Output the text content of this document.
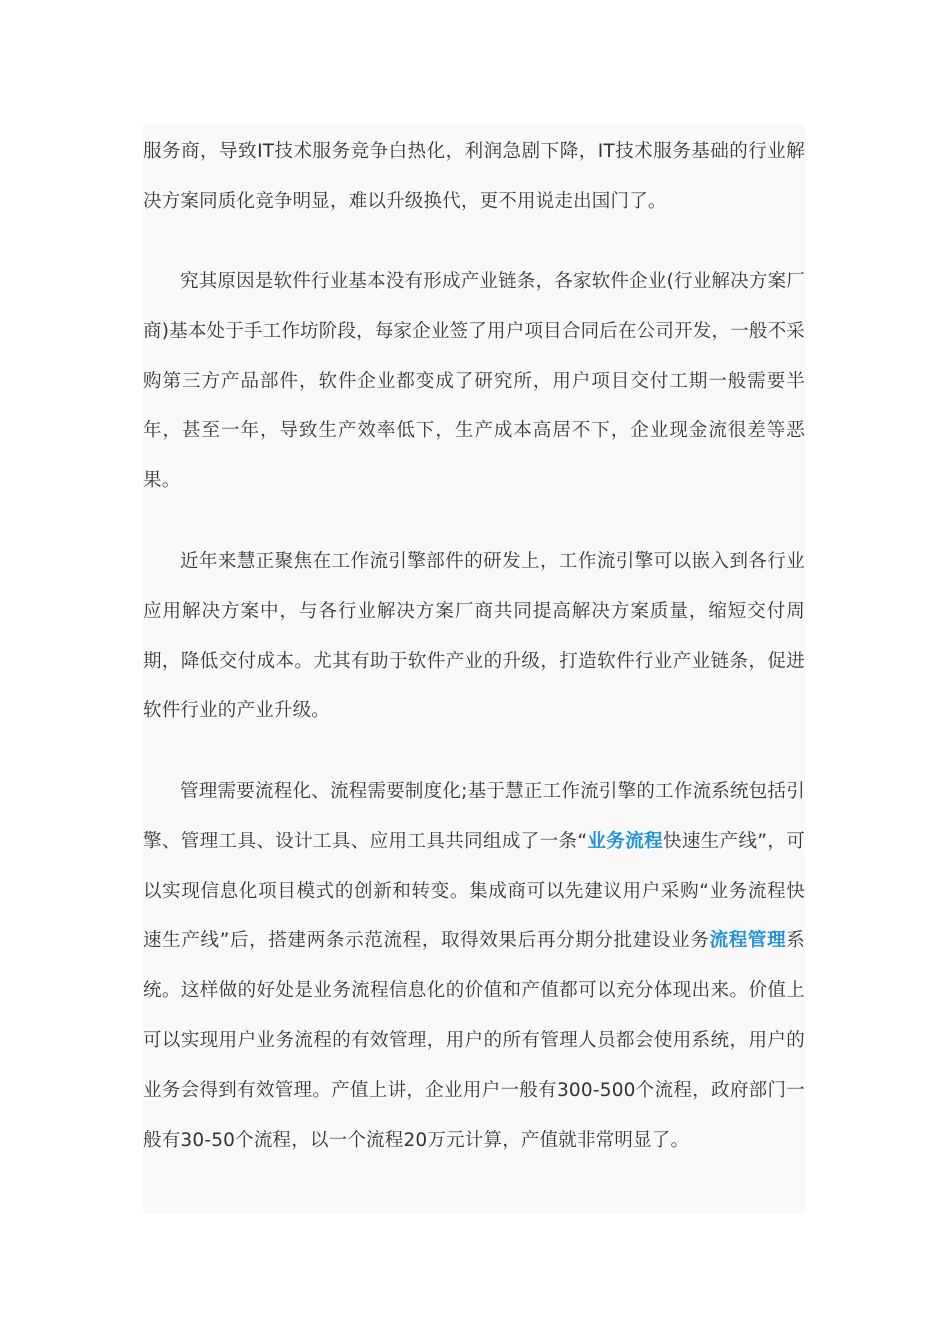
服务商，导致IT技术服务竞争白热化，利润急剧下降，IT技术服务基础的行业解决方案同质化竞争明显，难以升级换代，更不用说走出国门了。

究其原因是软件行业基本没有形成产业链条，各家软件企业(行业解决方案厂商)基本处于手工作坊阶段，每家企业签了用户项目合同后在公司开发，一般不采购第三方产品部件，软件企业都变成了研究所，用户项目交付工期一般需要半年，甚至一年，导致生产效率低下，生产成本高居不下，企业现金流很差等恶果。

近年来慧正聚焦在工作流引擎部件的研发上，工作流引擎可以嵌入到各行业应用解决方案中，与各行业解决方案厂商共同提高解决方案质量，缩短交付周期，降低交付成本。尤其有助于软件产业的升级，打造软件行业产业链条，促进软件行业的产业升级。

管理需要流程化、流程需要制度化;基于慧正工作流引擎的工作流系统包括引擎、管理工具、设计工具、应用工具共同组成了一条“业务流程快速生产线”，可以实现信息化项目模式的创新和转变。集成商可以先建议用户采购“业务流程快速生产线”后，搭建两条示范流程，取得效果后再分期分批建设业务流程管理系统。这样做的好处是业务流程信息化的价值和产值都可以充分体现出来。价值上可以实现用户业务流程的有效管理，用户的所有管理人员都会使用系统，用户的业务会得到有效管理。产值上讲，企业用户一般有300-500个流程，政府部门一般有30-50个流程，以一个流程20万元计算，产值就非常明显了。
